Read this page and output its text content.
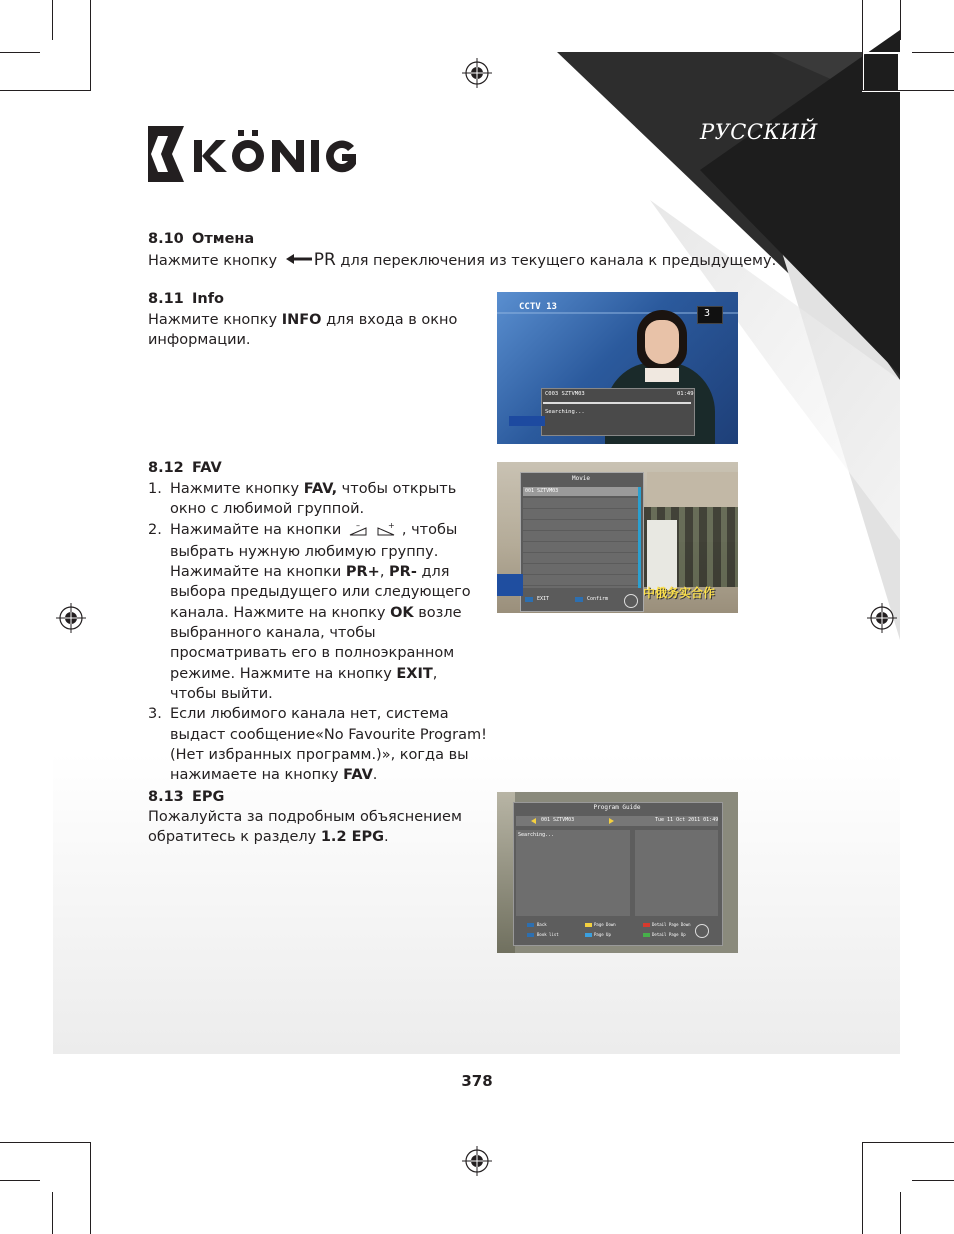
РУССКИЙ
8.10 Отмена
Нажмите кнопку PR для переключения из текущего канала к предыдущему.
8.11 Info
Нажмите кнопку INFO для входа в окно информации.
CCTV 13
3
C003 SZTVM03	01:49
Searching...
8.12 FAV
1. Нажмите кнопку FAV, чтобы открыть окно с любимой группой.
2. Нажимайте на кнопки –	+ , чтобы выбрать нужную любимую группу. Нажимайте на кнопки PR+, PR- для выбора предыдущего или следующего канала. Нажмите на кнопку OK возле выбранного канала, чтобы просматривать его в полноэкранном режиме. Нажмите на кнопку EXIT, чтобы выйти.
3. Если любимого канала нет, система выдаст сообщение«No Favourite Program! (Нет избранных программ.)», когда вы нажимаете на кнопку FAV.
Movie
001 SZTVM03
EXIT	Confirm	中俄务实合作
8.13 EPG
Пожалуйста за подробным объяснением обратитесь к разделу 1.2 EPG.
Program Guide
001 SZTVM03	Tue 11 Oct 2011 01:49
Searching...
Back	Page Down	Detail Page Down
Book list	Page Up	Detail Page Up
378
